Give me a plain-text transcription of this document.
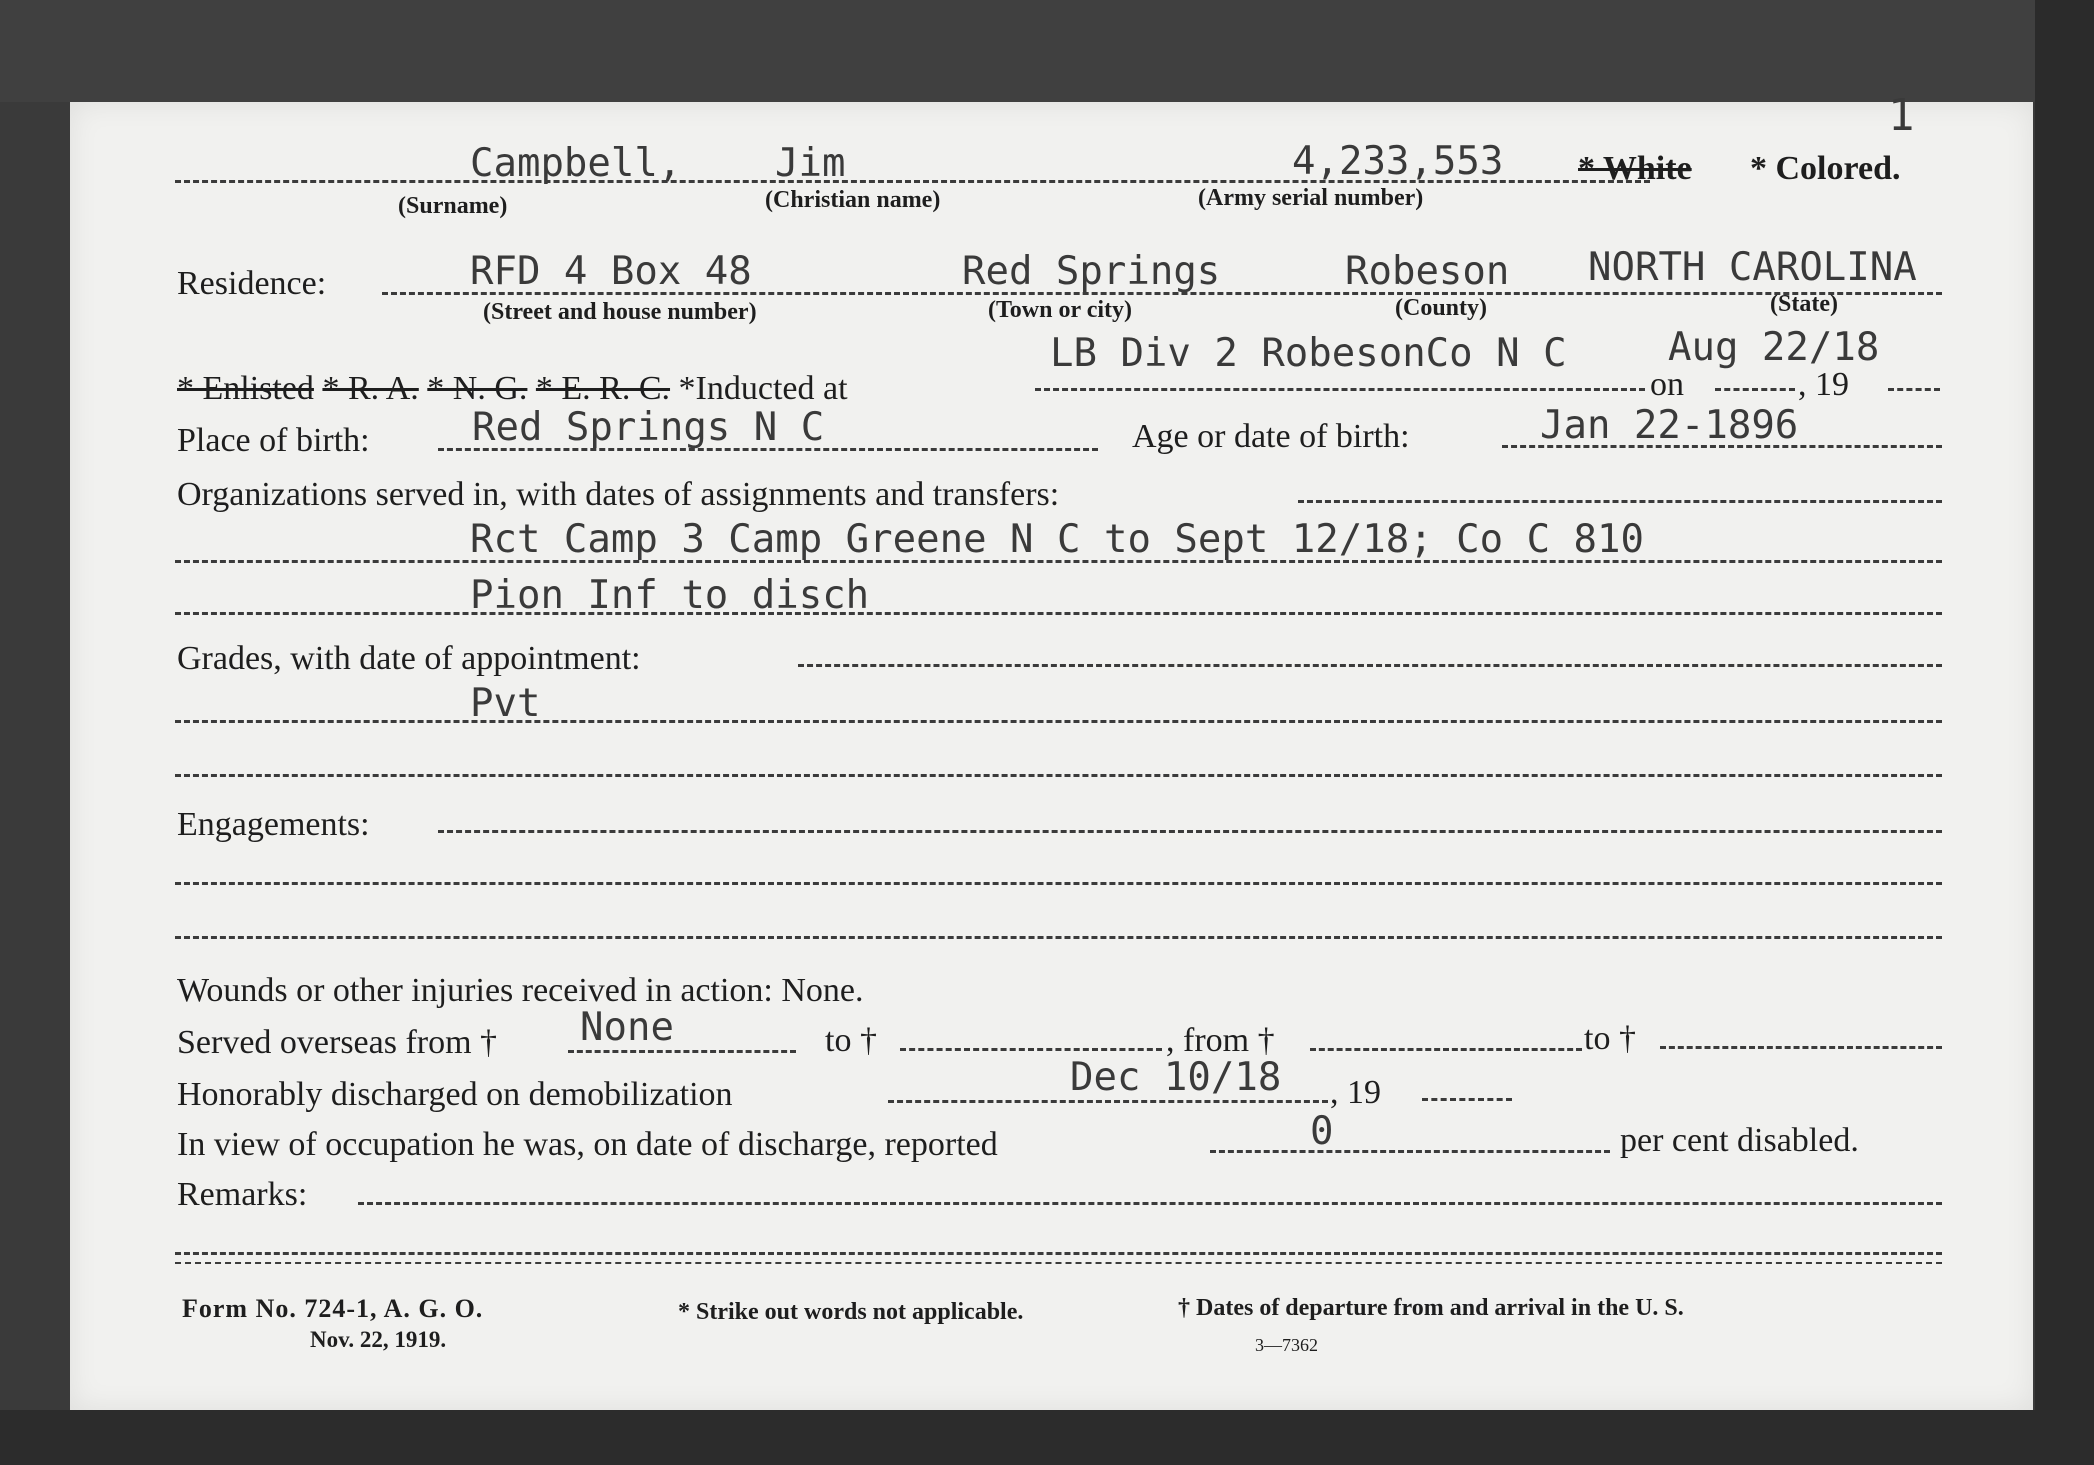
1
Campbell, Jim	4,233,553 * White * Colored.
(Surname)	(Christian name)	(Army serial number)
Residence:	RFD 4 Box 48	Red Springs	Robeson NORTH CAROLINA
(Street and house number)	(Town or city)	(County)	(State)
* Enlisted * R. A. * N. G. * E. R. C. *Inducted at
LB Div 2 RobesonCo N C
on
Aug 22/18
, 19
Place of birth:	Red Springs N C	Age or date of birth:	Jan 22-1896
Organizations served in, with dates of assignments and transfers:
Rct Camp 3 Camp Greene N C to Sept 12/18; Co C 810
Pion Inf to disch
Grades, with date of appointment:
Pvt
Engagements:
Wounds or other injuries received in action: None.
Served overseas from † None	to †	, from †	to †
Honorably discharged on demobilization	Dec 10/18 , 19
In view of occupation he was, on date of discharge, reported	0	per cent disabled.
Remarks:
Form No. 724-1, A. G. O.
Nov. 22, 1919.
* Strike out words not applicable.	† Dates of departure from and arrival in the U. S.
3—7362
